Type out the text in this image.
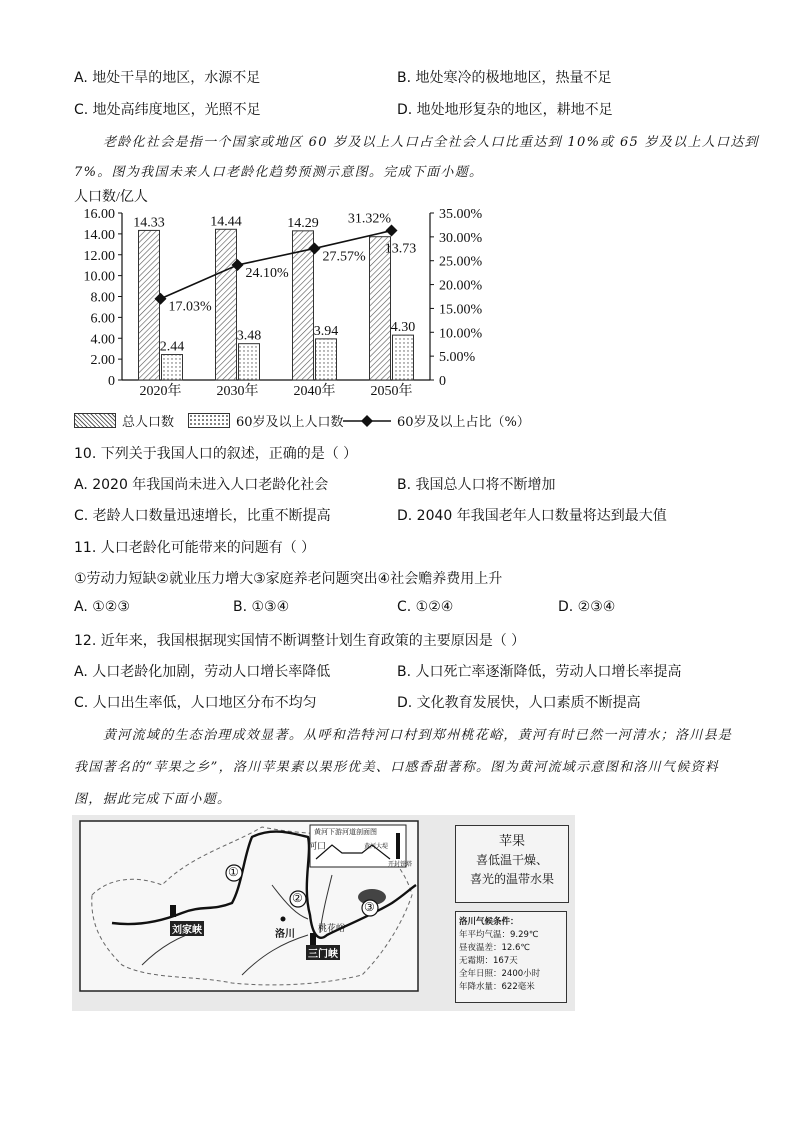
A. 地处干旱的地区，水源不足	B. 地处寒冷的极地地区，热量不足
C. 地处高纬度地区，光照不足	D. 地处地形复杂的地区，耕地不足
老龄化社会是指一个国家或地区 60 岁及以上人口占全社会人口比重达到 10%或 65 岁及以上人口达到
7%。图为我国未来人口老龄化趋势预测示意图。完成下面小题。
人口数/亿人
0
2.00
4.00
6.00
8.00
10.00
12.00
14.00
16.00
0
5.00%
10.00%
15.00%
20.00%
25.00%
30.00%
35.00%
14.33
2.44
14.44
3.48
14.29
3.94
13.73
4.30
17.03%
24.10%
27.57%
31.32%
2020年	2030年	2040年	2050年
总人口数	60岁及以上人口数	60岁及以上占比（%）
10. 下列关于我国人口的叙述，正确的是（ ）
A. 2020 年我国尚未进入人口老龄化社会	B. 我国总人口将不断增加
C. 老龄人口数量迅速增长，比重不断提高	D. 2040 年我国老年人口数量将达到最大值
11. 人口老龄化可能带来的问题有（ ）
①劳动力短缺②就业压力增大③家庭养老问题突出④社会赡养费用上升
A. ①②③	B. ①③④	C. ①②④	D. ②③④
12. 近年来，我国根据现实国情不断调整计划生育政策的主要原因是（ ）
A. 人口老龄化加剧，劳动人口增长率降低	B. 人口死亡率逐渐降低，劳动人口增长率提高
C. 人口出生率低，人口地区分布不均匀	D. 文化教育发展快，人口素质不断提高
黄河流域的生态治理成效显著。从呼和浩特河口村到郑州桃花峪，黄河有时已然一河清水；洛川县是
我国著名的“苹果之乡”，洛川苹果素以果形优美、口感香甜著称。图为黄河流域示意图和洛川气候资料
图，据此完成下面小题。
①
②
③
河口
黄河下游河道剖面图
黄河大堤
开封铁塔
刘家峡	洛川
三门峡
桃花峪
苹果
喜低温干燥、
喜光的温带水果
洛川气候条件：
年平均气温：9.29℃
昼夜温差：12.6℃
无霜期：167天
全年日照：2400小时
年降水量：622毫米
